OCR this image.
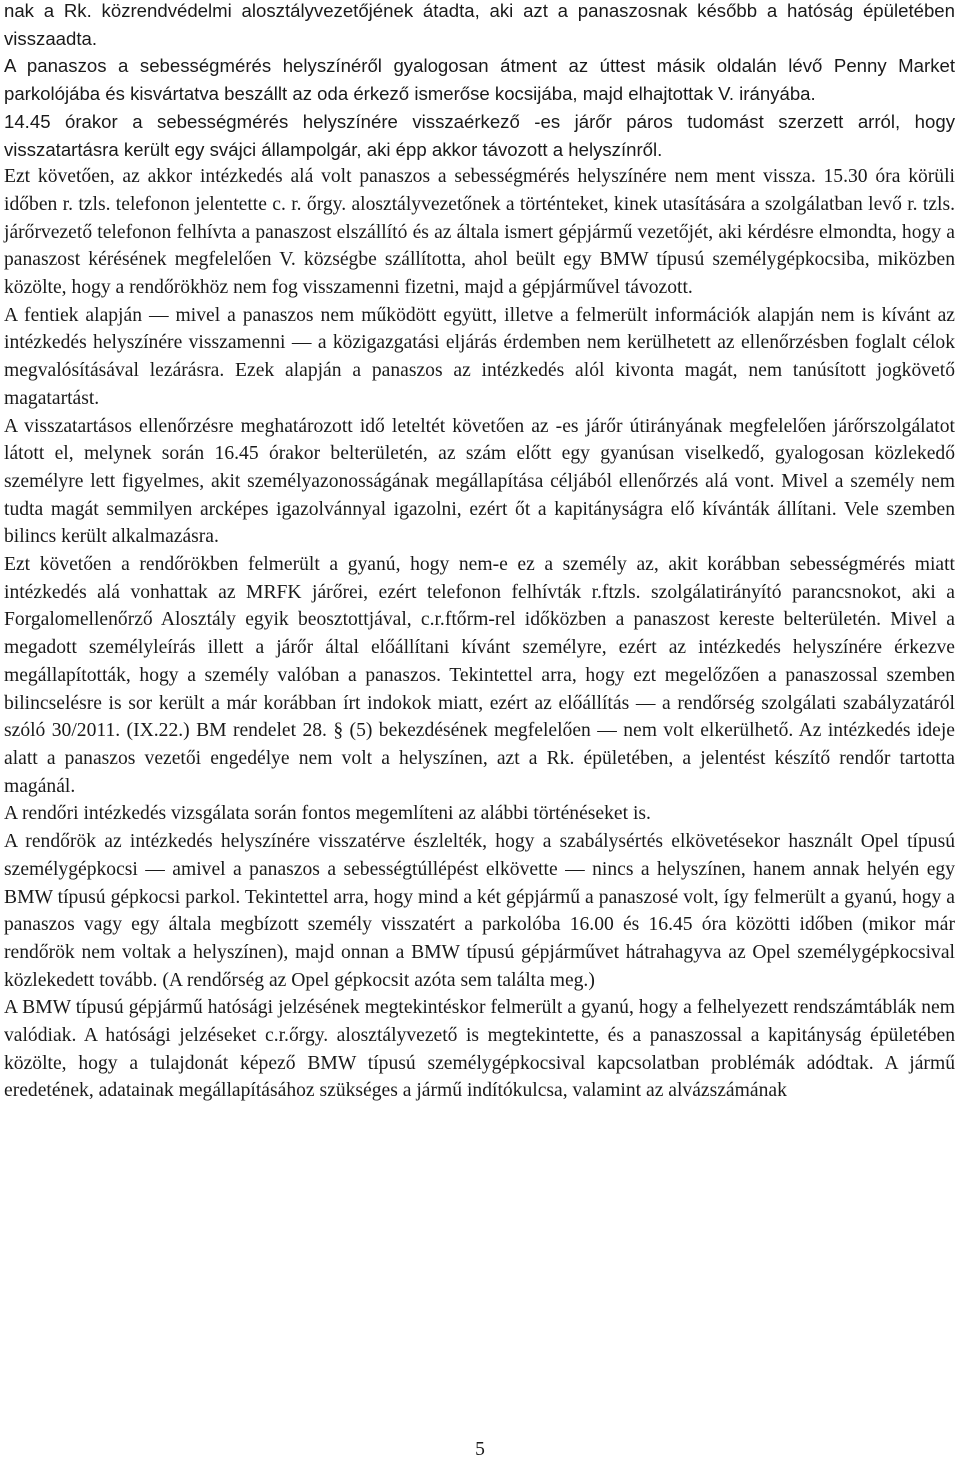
nak a Rk. közrendvédelmi alosztályvezetőjének átadta, aki azt a panaszosnak később a hatóság épületében visszaadta.

A panaszos a sebességmérés helyszínéről gyalogosan átment az úttest másik oldalán lévő Penny Market parkolójába és kisvártatva beszállt az oda érkező ismerőse kocsijába, majd elhajtottak V. irányába.

14.45 órakor a sebességmérés helyszínére visszaérkező -es járőr páros tudomást szerzett arról, hogy visszatartásra került egy svájci állampolgár, aki épp akkor távozott a helyszínről.

Ezt követően, az akkor intézkedés alá volt panaszos a sebességmérés helyszínére nem ment vissza. 15.30 óra körüli időben r. tzls. telefonon jelentette c. r. őrgy. alosztályvezetőnek a történteket, kinek utasítására a szolgálatban levő r. tzls. járőrvezető telefonon felhívta a panaszost elszállító és az általa ismert gépjármű vezetőjét, aki kérdésre elmondta, hogy a panaszost kérésének megfelelően V. községbe szállította, ahol beült egy BMW típusú személygépkocsiba, miközben közölte, hogy a rendőrökhöz nem fog visszamenni fizetni, majd a gépjárművel távozott.

A fentiek alapján ― mivel a panaszos nem működött együtt, illetve a felmerült információk alapján nem is kívánt az intézkedés helyszínére visszamenni ― a közigazgatási eljárás érdemben nem kerülhetett az ellenőrzésben foglalt célok megvalósításával lezárásra. Ezek alapján a panaszos az intézkedés alól kivonta magát, nem tanúsított jogkövető magatartást.

A visszatartásos ellenőrzésre meghatározott idő leteltét követően az -es járőr útirányának megfelelően járőrszolgálatot látott el, melynek során 16.45 órakor belterületén, az szám előtt egy gyanúsan viselkedő, gyalogosan közlekedő személyre lett figyelmes, akit személyazonosságának megállapítása céljából ellenőrzés alá vont. Mivel a személy nem tudta magát semmilyen arcképes igazolvánnyal igazolni, ezért őt a kapitányságra elő kívánták állítani. Vele szemben bilincs került alkalmazásra.

Ezt követően a rendőrökben felmerült a gyanú, hogy nem-e ez a személy az, akit korábban sebességmérés miatt intézkedés alá vonhattak az MRFK járőrei, ezért telefonon felhívták r.ftzls. szolgálatirányító parancsnokot, aki a Forgalomellenőrző Alosztály egyik beosztottjával, c.r.ftőrm-rel időközben a panaszost kereste belterületén. Mivel a megadott személyleírás illett a járőr által előállítani kívánt személyre, ezért az intézkedés helyszínére érkezve megállapították, hogy a személy valóban a panaszos. Tekintettel arra, hogy ezt megelőzően a panaszossal szemben bilincselésre is sor került a már korábban írt indokok miatt, ezért az előállítás ― a rendőrség szolgálati szabályzatáról szóló 30/2011. (IX.22.) BM rendelet 28. § (5) bekezdésének megfelelően ― nem volt elkerülhető. Az intézkedés ideje alatt a panaszos vezetői engedélye nem volt a helyszínen, azt a Rk. épületében, a jelentést készítő rendőr tartotta magánál.

A rendőri intézkedés vizsgálata során fontos megemlíteni az alábbi történéseket is.

A rendőrök az intézkedés helyszínére visszatérve észlelték, hogy a szabálysértés elkövetésekor használt Opel típusú személygépkocsi ― amivel a panaszos a sebességtúllépést elkövette ― nincs a helyszínen, hanem annak helyén egy BMW típusú gépkocsi parkol. Tekintettel arra, hogy mind a két gépjármű a panaszosé volt, így felmerült a gyanú, hogy a panaszos vagy egy általa megbízott személy visszatért a parkolóba 16.00 és 16.45 óra közötti időben (mikor már rendőrök nem voltak a helyszínen), majd onnan a BMW típusú gépjárművet hátrahagyva az Opel személygépkocsival közlekedett tovább. (A rendőrség az Opel gépkocsit azóta sem találta meg.)

A BMW típusú gépjármű hatósági jelzésének megtekintéskor felmerült a gyanú, hogy a felhelyezett rendszámtáblák nem valódiak. A hatósági jelzéseket c.r.őrgy. alosztályvezető is megtekintette, és a panaszossal a kapitányság épületében közölte, hogy a tulajdonát képező BMW típusú személygépkocsival kapcsolatban problémák adódtak. A jármű eredetének, adatainak megállapításához szükséges a jármű indítókulcsa, valamint az alvázszámának

5
